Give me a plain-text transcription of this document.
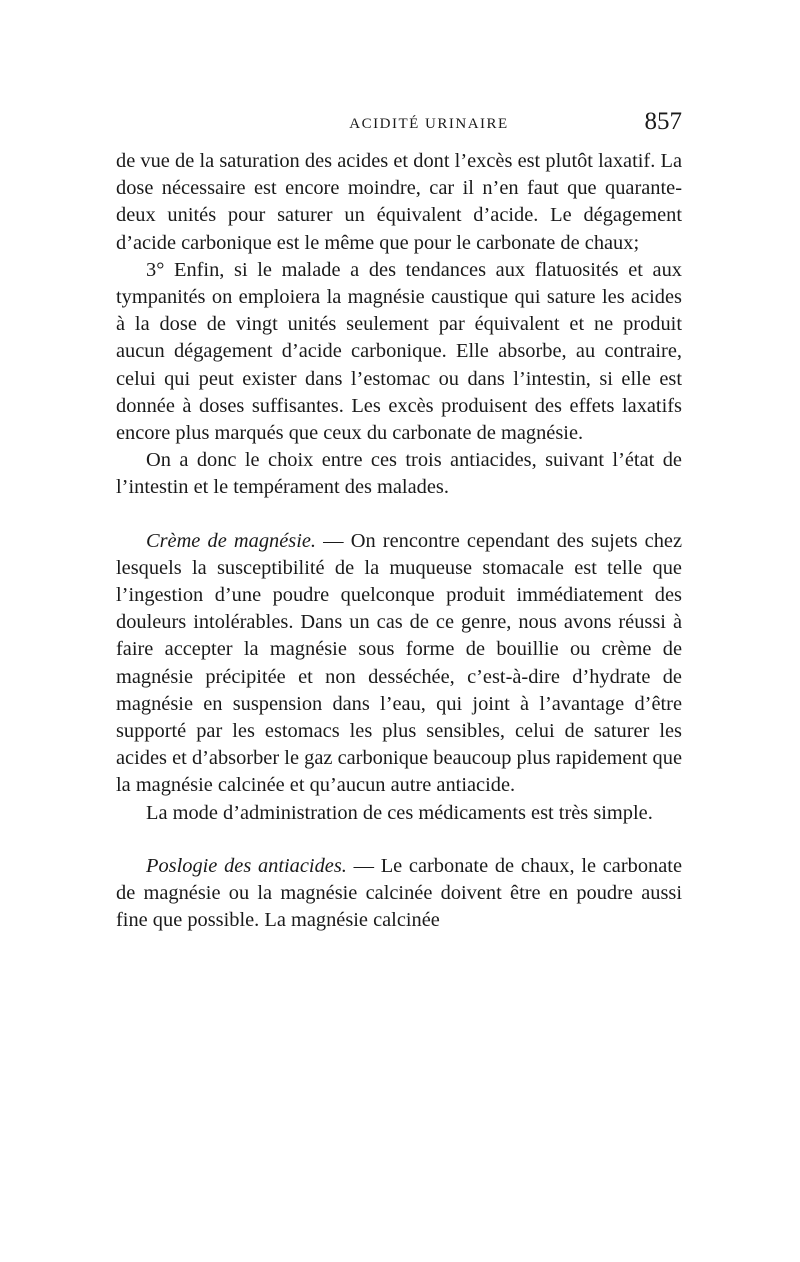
ACIDITÉ URINAIRE	857

de vue de la saturation des acides et dont l’excès est plutôt laxatif. La dose nécessaire est encore moindre, car il n’en faut que quarante-deux unités pour saturer un équivalent d’acide. Le dégagement d’acide carbonique est le même que pour le carbonate de chaux;

3° Enfin, si le malade a des tendances aux flatuosités et aux tympanités on emploiera la magnésie caustique qui sature les acides à la dose de vingt unités seulement par équivalent et ne produit aucun dégagement d’acide carbonique. Elle absorbe, au contraire, celui qui peut exister dans l’estomac ou dans l’intestin, si elle est donnée à doses suffisantes. Les excès produisent des effets laxatifs encore plus marqués que ceux du carbonate de magnésie.

On a donc le choix entre ces trois antiacides, suivant l’état de l’intestin et le tempérament des malades.

Crème de magnésie. — On rencontre cependant des sujets chez lesquels la susceptibilité de la muqueuse stomacale est telle que l’ingestion d’une poudre quelconque produit immédiatement des douleurs intolérables. Dans un cas de ce genre, nous avons réussi à faire accepter la magnésie sous forme de bouillie ou crème de magnésie précipitée et non desséchée, c’est-à-dire d’hydrate de magnésie en suspension dans l’eau, qui joint à l’avantage d’être supporté par les estomacs les plus sensibles, celui de saturer les acides et d’absorber le gaz carbonique beaucoup plus rapidement que la magnésie calcinée et qu’aucun autre antiacide.

La mode d’administration de ces médicaments est très simple.

Poslogie des antiacides. — Le carbonate de chaux, le carbonate de magnésie ou la magnésie calcinée doivent être en poudre aussi fine que possible. La magnésie calcinée
